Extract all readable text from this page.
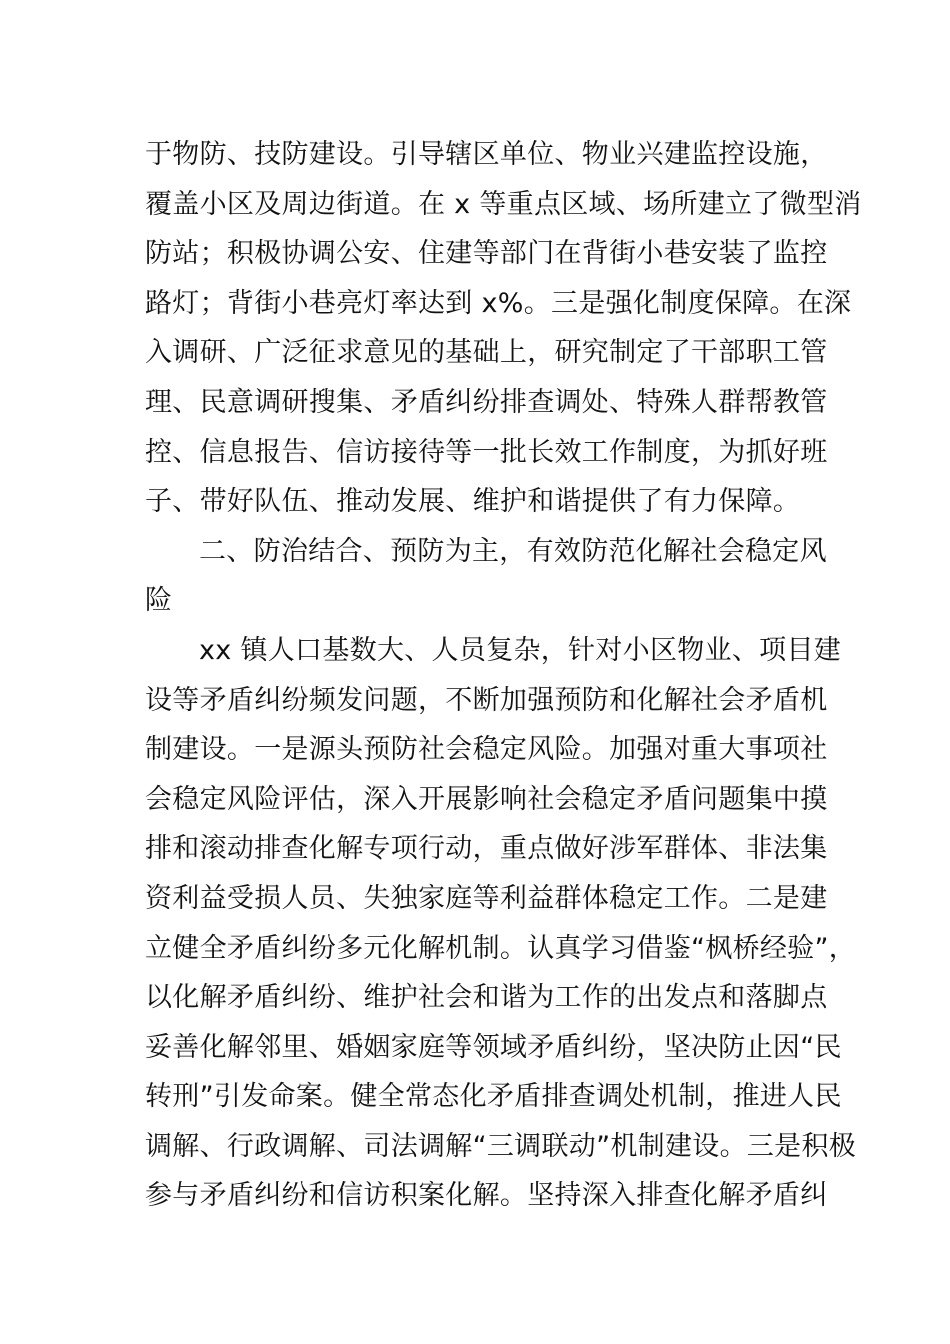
于物防、技防建设。引导辖区单位、物业兴建监控设施，
覆盖小区及周边街道。在 x 等重点区域、场所建立了微型消
防站；积极协调公安、住建等部门在背街小巷安装了监控
路灯；背街小巷亮灯率达到 x%。三是强化制度保障。在深
入调研、广泛征求意见的基础上，研究制定了干部职工管
理、民意调研搜集、矛盾纠纷排查调处、特殊人群帮教管
控、信息报告、信访接待等一批长效工作制度，为抓好班
子、带好队伍、推动发展、维护和谐提供了有力保障。
二、防治结合、预防为主，有效防范化解社会稳定风
险
xx 镇人口基数大、人员复杂，针对小区物业、项目建
设等矛盾纠纷频发问题，不断加强预防和化解社会矛盾机
制建设。一是源头预防社会稳定风险。加强对重大事项社
会稳定风险评估，深入开展影响社会稳定矛盾问题集中摸
排和滚动排查化解专项行动，重点做好涉军群体、非法集
资利益受损人员、失独家庭等利益群体稳定工作。二是建
立健全矛盾纠纷多元化解机制。认真学习借鉴“枫桥经验”，
以化解矛盾纠纷、维护社会和谐为工作的出发点和落脚点
妥善化解邻里、婚姻家庭等领域矛盾纠纷，坚决防止因“民
转刑”引发命案。健全常态化矛盾排查调处机制，推进人民
调解、行政调解、司法调解“三调联动”机制建设。三是积极
参与矛盾纠纷和信访积案化解。坚持深入排查化解矛盾纠
